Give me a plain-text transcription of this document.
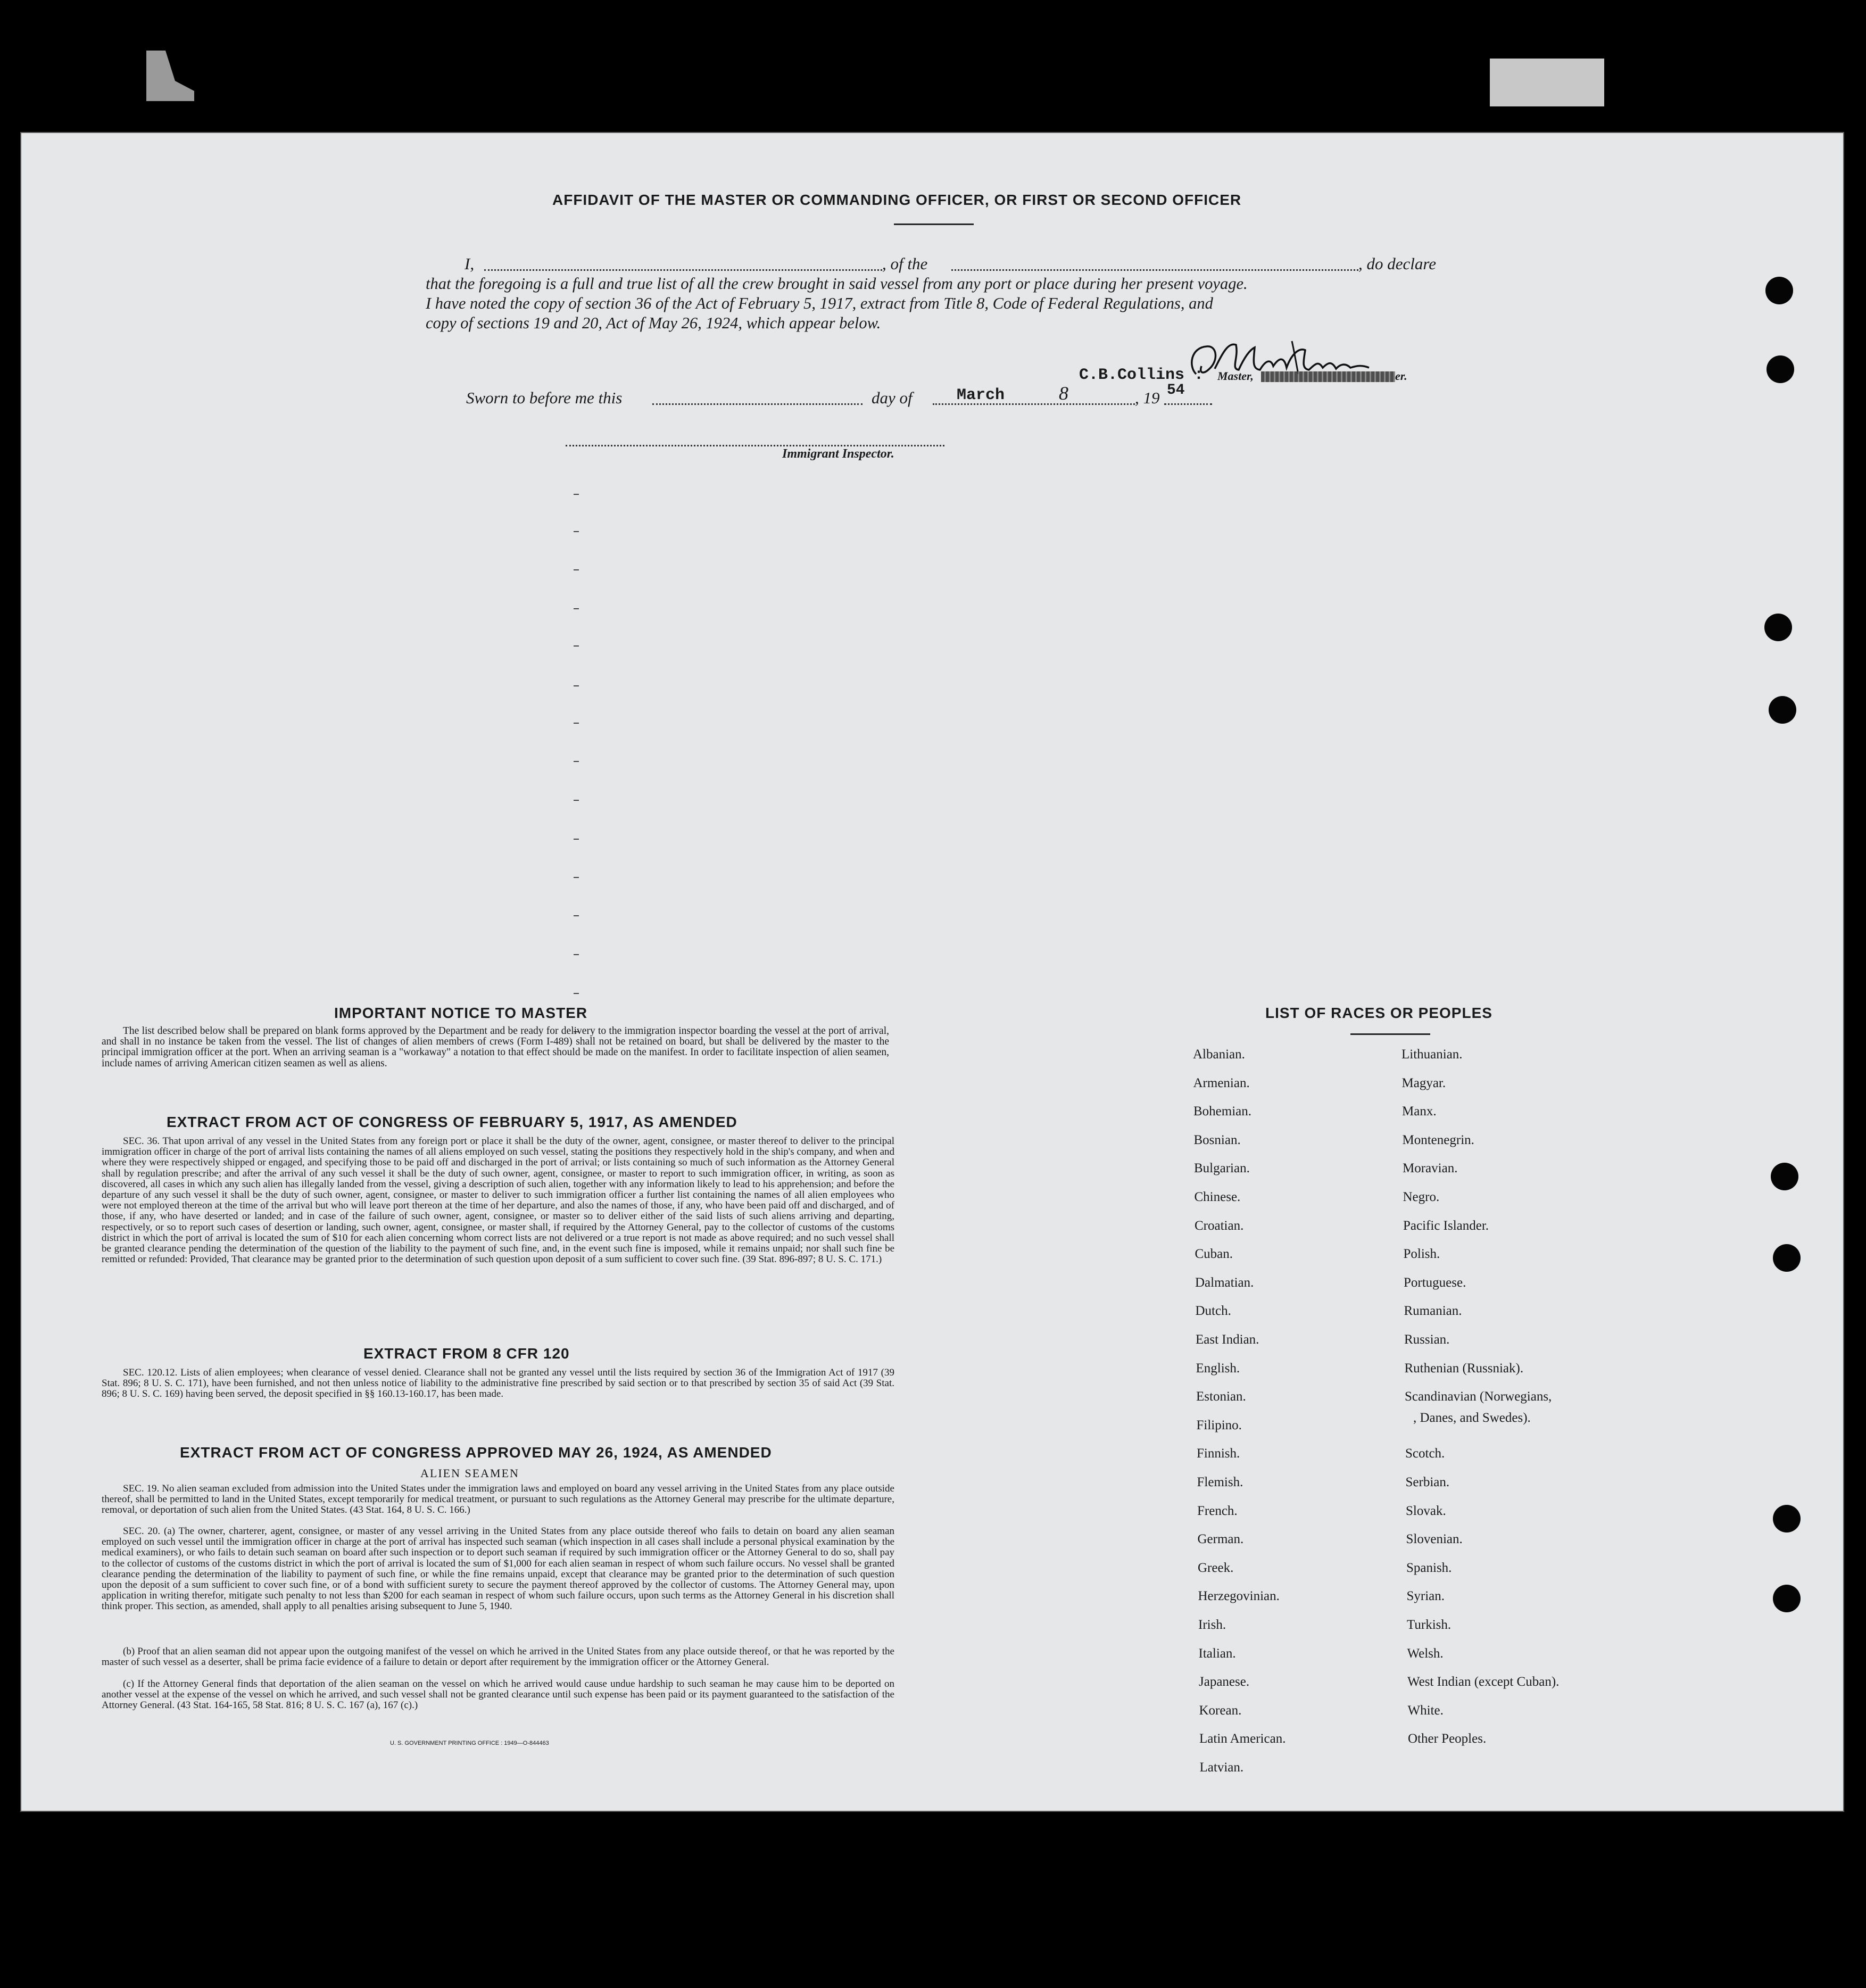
AFFIDAVIT OF THE MASTER OR COMMANDING OFFICER, OR FIRST OR SECOND OFFICER
I,	, of the	, do declare
that the foregoing is a full and true list of all the crew brought in said vessel from any port or place during her present voyage.
I have noted the copy of section 36 of the Act of February 5, 1917, extract from Title 8, Code of Federal Regulations, and
copy of sections 19 and 20, Act of May 26, 1924, which appear below.
C.B.Collins : Master,	er.
Sworn to before me this	day of	March	8	, 19 54
Immigrant Inspector.
IMPORTANT NOTICE TO MASTER
The list described below shall be prepared on blank forms approved by the Department and be ready for delivery to the immigration inspector boarding the vessel at the port of arrival, and shall in no instance be taken from the vessel. The list of changes of alien members of crews (Form I-489) shall not be retained on board, but shall be delivered by the master to the principal immigration officer at the port. When an arriving seaman is a "workaway" a notation to that effect should be made on the manifest. In order to facilitate inspection of alien seamen, include names of arriving American citizen seamen as well as aliens.
EXTRACT FROM ACT OF CONGRESS OF FEBRUARY 5, 1917, AS AMENDED
SEC. 36. That upon arrival of any vessel in the United States from any foreign port or place it shall be the duty of the owner, agent, consignee, or master thereof to deliver to the principal immigration officer in charge of the port of arrival lists containing the names of all aliens employed on such vessel, stating the positions they respectively hold in the ship's company, and when and where they were respectively shipped or engaged, and specifying those to be paid off and discharged in the port of arrival; or lists containing so much of such information as the Attorney General shall by regulation prescribe; and after the arrival of any such vessel it shall be the duty of such owner, agent, consignee, or master to report to such immigration officer, in writing, as soon as discovered, all cases in which any such alien has illegally landed from the vessel, giving a description of such alien, together with any information likely to lead to his apprehension; and before the departure of any such vessel it shall be the duty of such owner, agent, consignee, or master to deliver to such immigration officer a further list containing the names of all alien employees who were not employed thereon at the time of the arrival but who will leave port thereon at the time of her departure, and also the names of those, if any, who have been paid off and discharged, and of those, if any, who have deserted or landed; and in case of the failure of such owner, agent, consignee, or master so to deliver either of the said lists of such aliens arriving and departing, respectively, or so to report such cases of desertion or landing, such owner, agent, consignee, or master shall, if required by the Attorney General, pay to the collector of customs of the customs district in which the port of arrival is located the sum of $10 for each alien concerning whom correct lists are not delivered or a true report is not made as above required; and no such vessel shall be granted clearance pending the determination of the question of the liability to the payment of such fine, and, in the event such fine is imposed, while it remains unpaid; nor shall such fine be remitted or refunded: Provided, That clearance may be granted prior to the determination of such question upon deposit of a sum sufficient to cover such fine. (39 Stat. 896-897; 8 U. S. C. 171.)
EXTRACT FROM 8 CFR 120
SEC. 120.12. Lists of alien employees; when clearance of vessel denied. Clearance shall not be granted any vessel until the lists required by section 36 of the Immigration Act of 1917 (39 Stat. 896; 8 U. S. C. 171), have been furnished, and not then unless notice of liability to the administrative fine prescribed by said section or to that prescribed by section 35 of said Act (39 Stat. 896; 8 U. S. C. 169) having been served, the deposit specified in §§ 160.13-160.17, has been made.
EXTRACT FROM ACT OF CONGRESS APPROVED MAY 26, 1924, AS AMENDED
ALIEN SEAMEN
SEC. 19. No alien seaman excluded from admission into the United States under the immigration laws and employed on board any vessel arriving in the United States from any place outside thereof, shall be permitted to land in the United States, except temporarily for medical treatment, or pursuant to such regulations as the Attorney General may prescribe for the ultimate departure, removal, or deportation of such alien from the United States. (43 Stat. 164, 8 U. S. C. 166.)
SEC. 20. (a) The owner, charterer, agent, consignee, or master of any vessel arriving in the United States from any place outside thereof who fails to detain on board any alien seaman employed on such vessel until the immigration officer in charge at the port of arrival has inspected such seaman (which inspection in all cases shall include a personal physical examination by the medical examiners), or who fails to detain such seaman on board after such inspection or to deport such seaman if required by such immigration officer or the Attorney General to do so, shall pay to the collector of customs of the customs district in which the port of arrival is located the sum of $1,000 for each alien seaman in respect of whom such failure occurs. No vessel shall be granted clearance pending the determination of the liability to payment of such fine, or while the fine remains unpaid, except that clearance may be granted prior to the determination of such question upon the deposit of a sum sufficient to cover such fine, or of a bond with sufficient surety to secure the payment thereof approved by the collector of customs. The Attorney General may, upon application in writing therefor, mitigate such penalty to not less than $200 for each seaman in respect of whom such failure occurs, upon such terms as the Attorney General in his discretion shall think proper. This section, as amended, shall apply to all penalties arising subsequent to June 5, 1940.
(b) Proof that an alien seaman did not appear upon the outgoing manifest of the vessel on which he arrived in the United States from any place outside thereof, or that he was reported by the master of such vessel as a deserter, shall be prima facie evidence of a failure to detain or deport after requirement by the immigration officer or the Attorney General.
(c) If the Attorney General finds that deportation of the alien seaman on the vessel on which he arrived would cause undue hardship to such seaman he may cause him to be deported on another vessel at the expense of the vessel on which he arrived, and such vessel shall not be granted clearance until such expense has been paid or its payment guaranteed to the satisfaction of the Attorney General. (43 Stat. 164-165, 58 Stat. 816; 8 U. S. C. 167 (a), 167 (c).)
U. S. GOVERNMENT PRINTING OFFICE : 1949—O-844463
LIST OF RACES OR PEOPLES
Albanian.
Armenian.
Bohemian.
Bosnian.
Bulgarian.
Chinese.
Croatian.
Cuban.
Dalmatian.
Dutch.
East Indian.
English.
Estonian.
Filipino.
Finnish.
Flemish.
French.
German.
Greek.
Herzegovinian.
Irish.
Italian.
Japanese.
Korean.
Latin American.
Latvian.
Lithuanian.
Magyar.
Manx.
Montenegrin.
Moravian.
Negro.
Pacific Islander.
Polish.
Portuguese.
Rumanian.
Russian.
Ruthenian (Russniak).
Scandinavian (Norwegians,
, Danes, and Swedes).
Scotch.
Serbian.
Slovak.
Slovenian.
Spanish.
Syrian.
Turkish.
Welsh.
West Indian (except Cuban).
White.
Other Peoples.
